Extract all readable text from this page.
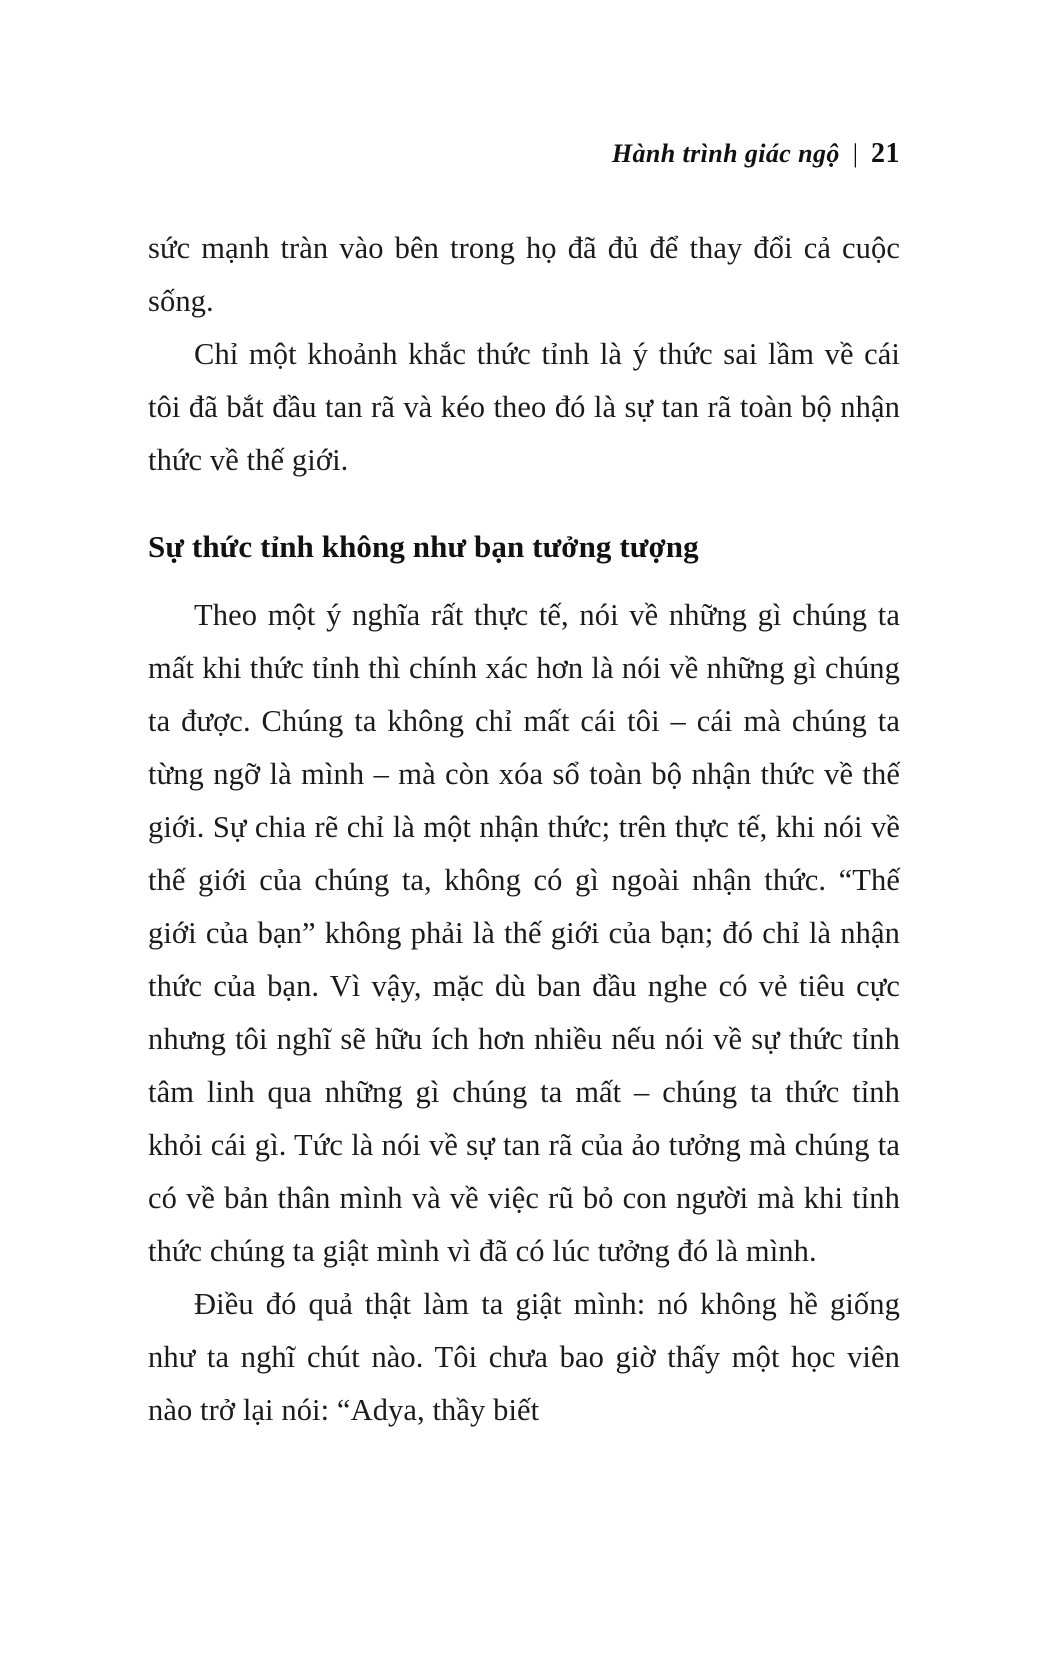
Hành trình giác ngộ | 21

sức mạnh tràn vào bên trong họ đã đủ để thay đổi cả cuộc sống.

Chỉ một khoảnh khắc thức tỉnh là ý thức sai lầm về cái tôi đã bắt đầu tan rã và kéo theo đó là sự tan rã toàn bộ nhận thức về thế giới.

Sự thức tỉnh không như bạn tưởng tượng

Theo một ý nghĩa rất thực tế, nói về những gì chúng ta mất khi thức tỉnh thì chính xác hơn là nói về những gì chúng ta được. Chúng ta không chỉ mất cái tôi – cái mà chúng ta từng ngỡ là mình – mà còn xóa sổ toàn bộ nhận thức về thế giới. Sự chia rẽ chỉ là một nhận thức; trên thực tế, khi nói về thế giới của chúng ta, không có gì ngoài nhận thức. “Thế giới của bạn” không phải là thế giới của bạn; đó chỉ là nhận thức của bạn. Vì vậy, mặc dù ban đầu nghe có vẻ tiêu cực nhưng tôi nghĩ sẽ hữu ích hơn nhiều nếu nói về sự thức tỉnh tâm linh qua những gì chúng ta mất – chúng ta thức tỉnh khỏi cái gì. Tức là nói về sự tan rã của ảo tưởng mà chúng ta có về bản thân mình và về việc rũ bỏ con người mà khi tỉnh thức chúng ta giật mình vì đã có lúc tưởng đó là mình.

Điều đó quả thật làm ta giật mình: nó không hề giống như ta nghĩ chút nào. Tôi chưa bao giờ thấy một học viên nào trở lại nói: “Adya, thầy biết
